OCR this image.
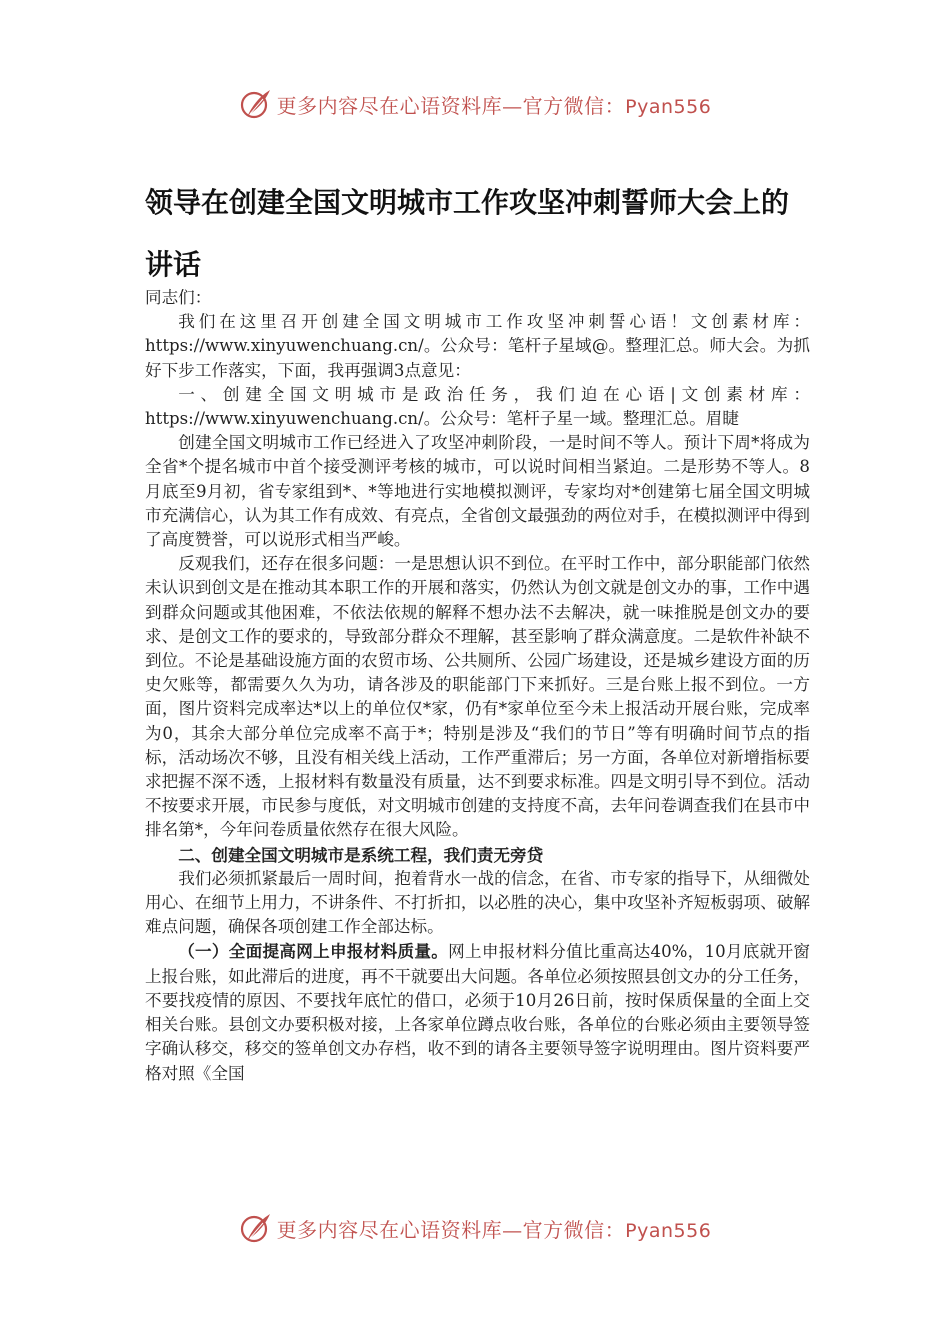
更多内容尽在心语资料库—官方微信：Pyan556
领导在创建全国文明城市工作攻坚冲刺誓师大会上的讲话

同志们：

我们在这里召开创建全国文明城市工作攻坚冲刺誓心语！文创素材库：https://www.xinyuwenchuang.cn/。公众号：笔杆子星域@。整理汇总。师大会。为抓好下步工作落实，下面，我再强调3点意见：

一、创建全国文明城市是政治任务，我们迫在心语|文创素材库：https://www.xinyuwenchuang.cn/。公众号：笔杆子星一域。整理汇总。眉睫

创建全国文明城市工作已经进入了攻坚冲刺阶段，一是时间不等人。预计下周*将成为全省*个提名城市中首个接受测评考核的城市，可以说时间相当紧迫。二是形势不等人。8月底至9月初，省专家组到*、*等地进行实地模拟测评，专家均对*创建第七届全国文明城市充满信心，认为其工作有成效、有亮点，全省创文最强劲的两位对手，在模拟测评中得到了高度赞誉，可以说形式相当严峻。

反观我们，还存在很多问题：一是思想认识不到位。在平时工作中，部分职能部门依然未认识到创文是在推动其本职工作的开展和落实，仍然认为创文就是创文办的事，工作中遇到群众问题或其他困难，不依法依规的解释不想办法不去解决，就一味推脱是创文办的要求、是创文工作的要求的，导致部分群众不理解，甚至影响了群众满意度。二是软件补缺不到位。不论是基础设施方面的农贸市场、公共厕所、公园广场建设，还是城乡建设方面的历史欠账等，都需要久久为功，请各涉及的职能部门下来抓好。三是台账上报不到位。一方面，图片资料完成率达*以上的单位仅*家，仍有*家单位至今未上报活动开展台账，完成率为0，其余大部分单位完成率不高于*；特别是涉及“我们的节日”等有明确时间节点的指标，活动场次不够，且没有相关线上活动，工作严重滞后；另一方面，各单位对新增指标要求把握不深不透，上报材料有数量没有质量，达不到要求标准。四是文明引导不到位。活动不按要求开展，市民参与度低，对文明城市创建的支持度不高，去年问卷调查我们在县市中排名第*，今年问卷质量依然存在很大风险。

二、创建全国文明城市是系统工程，我们责无旁贷

我们必须抓紧最后一周时间，抱着背水一战的信念，在省、市专家的指导下，从细微处用心、在细节上用力，不讲条件、不打折扣，以必胜的决心，集中攻坚补齐短板弱项、破解难点问题，确保各项创建工作全部达标。

（一）全面提高网上申报材料质量。网上申报材料分值比重高达40%，10月底就开窗上报台账，如此滞后的进度，再不干就要出大问题。各单位必须按照县创文办的分工任务，不要找疫情的原因、不要找年底忙的借口，必须于10月26日前，按时保质保量的全面上交相关台账。县创文办要积极对接，上各家单位蹲点收台账，各单位的台账必须由主要领导签字确认移交，移交的签单创文办存档，收不到的请各主要领导签字说明理由。图片资料要严格对照《全国

更多内容尽在心语资料库—官方微信：Pyan556
